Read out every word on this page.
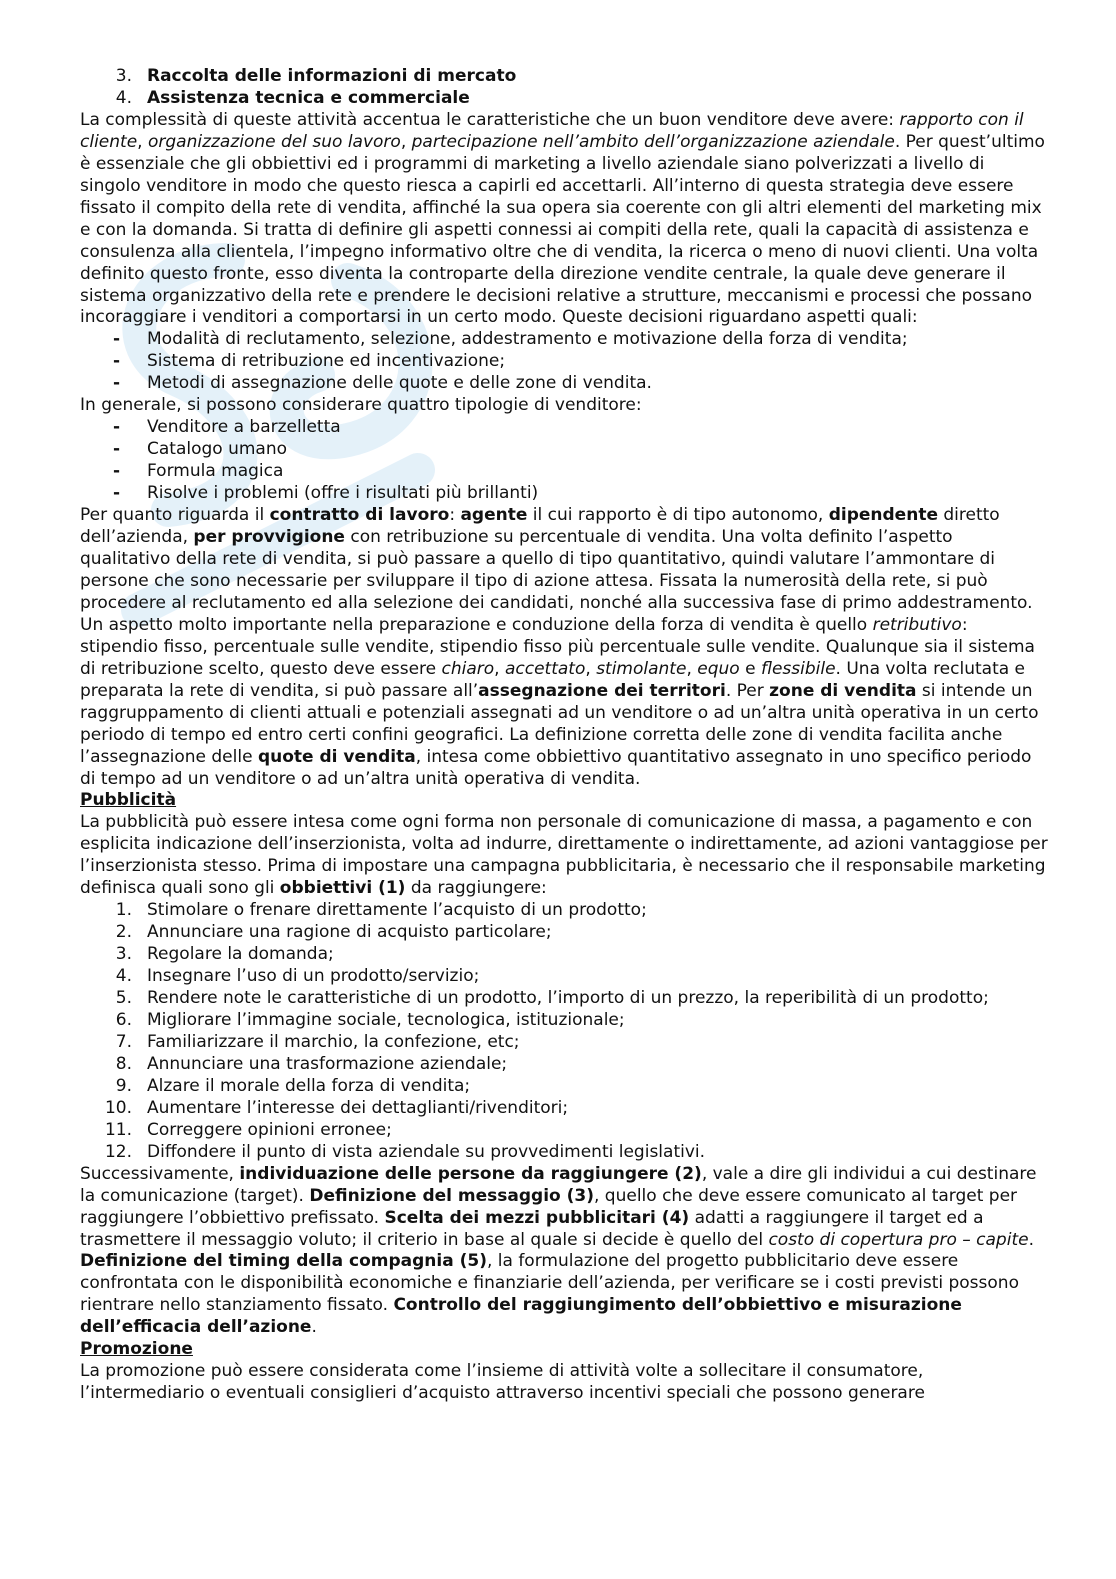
3. Raccolta delle informazioni di mercato
4. Assistenza tecnica e commerciale

La complessità di queste attività accentua le caratteristiche che un buon venditore deve avere: rapporto con il cliente, organizzazione del suo lavoro, partecipazione nell’ambito dell’organizzazione aziendale. Per quest’ultimo è essenziale che gli obbiettivi ed i programmi di marketing a livello aziendale siano polverizzati a livello di singolo venditore in modo che questo riesca a capirli ed accettarli. All’interno di questa strategia deve essere fissato il compito della rete di vendita, affinché la sua opera sia coerente con gli altri elementi del marketing mix e con la domanda. Si tratta di definire gli aspetti connessi ai compiti della rete, quali la capacità di assistenza e consulenza alla clientela, l’impegno informativo oltre che di vendita, la ricerca o meno di nuovi clienti. Una volta definito questo fronte, esso diventa la controparte della direzione vendite centrale, la quale deve generare il sistema organizzativo della rete e prendere le decisioni relative a strutture, meccanismi e processi che possano incoraggiare i venditori a comportarsi in un certo modo. Queste decisioni riguardano aspetti quali:

-	Modalità di reclutamento, selezione, addestramento e motivazione della forza di vendita;
-	Sistema di retribuzione ed incentivazione;
-	Metodi di assegnazione delle quote e delle zone di vendita.

In generale, si possono considerare quattro tipologie di venditore:

-	Venditore a barzelletta
-	Catalogo umano
-	Formula magica
-	Risolve i problemi (offre i risultati più brillanti)

Per quanto riguarda il contratto di lavoro: agente il cui rapporto è di tipo autonomo, dipendente diretto dell’azienda, per provvigione con retribuzione su percentuale di vendita. Una volta definito l’aspetto qualitativo della rete di vendita, si può passare a quello di tipo quantitativo, quindi valutare l’ammontare di persone che sono necessarie per sviluppare il tipo di azione attesa. Fissata la numerosità della rete, si può procedere al reclutamento ed alla selezione dei candidati, nonché alla successiva fase di primo addestramento. Un aspetto molto importante nella preparazione e conduzione della forza di vendita è quello retributivo: stipendio fisso, percentuale sulle vendite, stipendio fisso più percentuale sulle vendite. Qualunque sia il sistema di retribuzione scelto, questo deve essere chiaro, accettato, stimolante, equo e flessibile. Una volta reclutata e preparata la rete di vendita, si può passare all’assegnazione dei territori. Per zone di vendita si intende un raggruppamento di clienti attuali e potenziali assegnati ad un venditore o ad un’altra unità operativa in un certo periodo di tempo ed entro certi confini geografici. La definizione corretta delle zone di vendita facilita anche l’assegnazione delle quote di vendita, intesa come obbiettivo quantitativo assegnato in uno specifico periodo di tempo ad un venditore o ad un’altra unità operativa di vendita.

Pubblicità

La pubblicità può essere intesa come ogni forma non personale di comunicazione di massa, a pagamento e con esplicita indicazione dell’inserzionista, volta ad indurre, direttamente o indirettamente, ad azioni vantaggiose per l’inserzionista stesso. Prima di impostare una campagna pubblicitaria, è necessario che il responsabile marketing definisca quali sono gli obbiettivi (1) da raggiungere:

1. Stimolare o frenare direttamente l’acquisto di un prodotto;
2. Annunciare una ragione di acquisto particolare;
3. Regolare la domanda;
4. Insegnare l’uso di un prodotto/servizio;
5. Rendere note le caratteristiche di un prodotto, l’importo di un prezzo, la reperibilità di un prodotto;
6. Migliorare l’immagine sociale, tecnologica, istituzionale;
7. Familiarizzare il marchio, la confezione, etc;
8. Annunciare una trasformazione aziendale;
9. Alzare il morale della forza di vendita;
10. Aumentare l’interesse dei dettaglianti/rivenditori;
11. Correggere opinioni erronee;
12. Diffondere il punto di vista aziendale su provvedimenti legislativi.

Successivamente, individuazione delle persone da raggiungere (2), vale a dire gli individui a cui destinare la comunicazione (target). Definizione del messaggio (3), quello che deve essere comunicato al target per raggiungere l’obbiettivo prefissato. Scelta dei mezzi pubblicitari (4) adatti a raggiungere il target ed a trasmettere il messaggio voluto; il criterio in base al quale si decide è quello del costo di copertura pro – capite. Definizione del timing della compagnia (5), la formulazione del progetto pubblicitario deve essere confrontata con le disponibilità economiche e finanziarie dell’azienda, per verificare se i costi previsti possono rientrare nello stanziamento fissato. Controllo del raggiungimento dell’obbiettivo e misurazione dell’efficacia dell’azione.

Promozione

La promozione può essere considerata come l’insieme di attività volte a sollecitare il consumatore, l’intermediario o eventuali consiglieri d’acquisto attraverso incentivi speciali che possono generare
